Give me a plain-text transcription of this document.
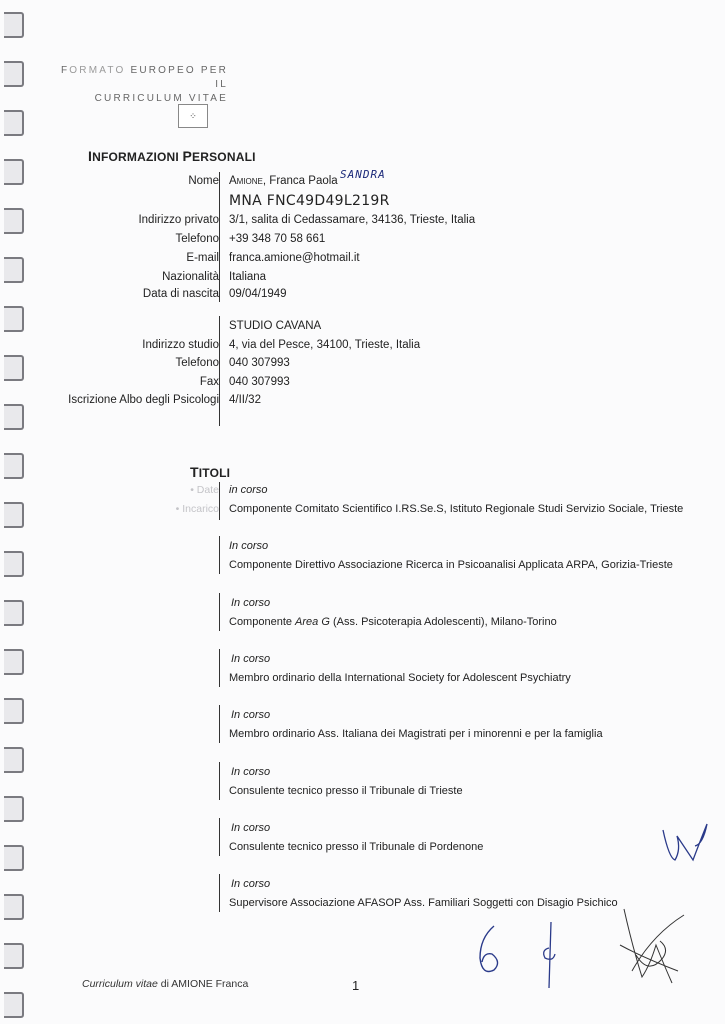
FORMATO EUROPEO PER IL
CURRICULUM VITAE
⁘
INFORMAZIONI PERSONALI
Nome Amione, Franca Paola SANDRA
MNA FNC49D49L219R
Indirizzo privato 3/1, salita di Cedassamare, 34136, Trieste, Italia
Telefono +39 348 70 58 661
E-mail franca.amione@hotmail.it
Nazionalità Italiana
Data di nascita 09/04/1949
STUDIO CAVANA
Indirizzo studio 4, via del Pesce, 34100, Trieste, Italia
Telefono 040 307993
Fax 040 307993
Iscrizione Albo degli Psicologi 4/II/32
TITOLI
• Date
• Incarico
in corso
Componente Comitato Scientifico I.RS.Se.S, Istituto Regionale Studi Servizio Sociale, Trieste
In corso
Componente Direttivo Associazione Ricerca in Psicoanalisi Applicata ARPA, Gorizia-Trieste
In corso
Componente Area G (Ass. Psicoterapia Adolescenti), Milano-Torino
In corso
Membro ordinario della International Society for Adolescent Psychiatry
In corso
Membro ordinario Ass. Italiana dei Magistrati per i minorenni e per la famiglia
In corso
Consulente tecnico presso il Tribunale di Trieste
In corso
Consulente tecnico presso il Tribunale di Pordenone
In corso
Supervisore Associazione AFASOP Ass. Familiari Soggetti con Disagio Psichico
Curriculum vitae di AMIONE Franca	1
